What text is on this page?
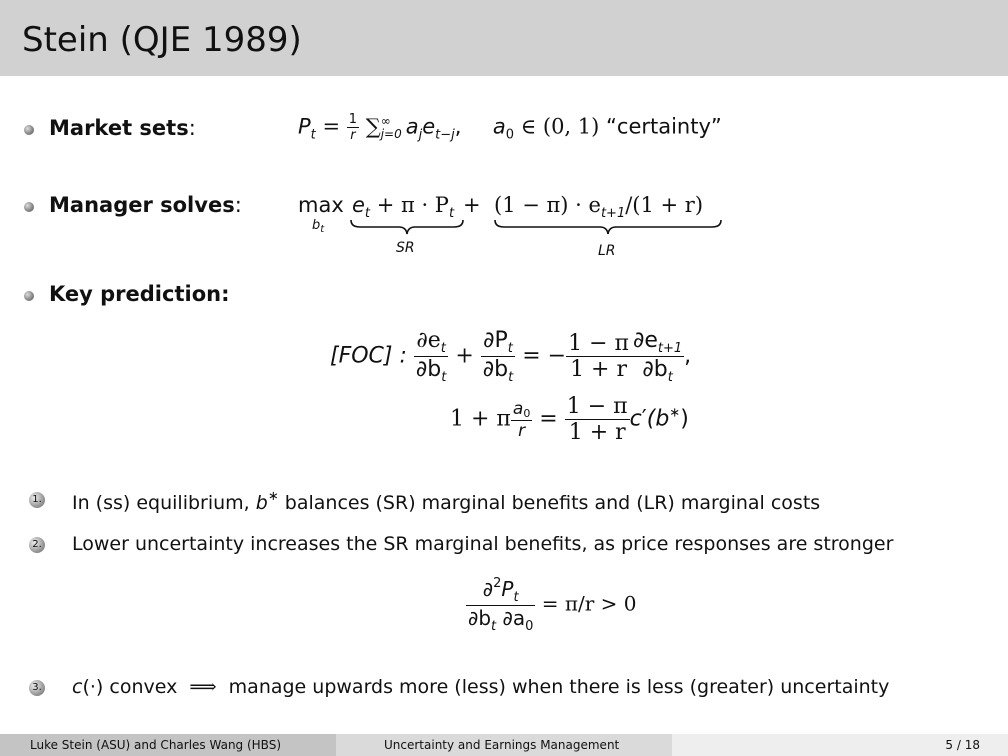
Stein (QJE 1989)
Market sets:	$P_t = \frac{1}{r}$ ∑ ∞
j=0 $a_je_{t-j}$, $a_0$ ∈ (0, 1) “certainty”
Manager solves:	max
$b_t$
$e_t + \pi \cdot P_t + (1 - \pi) \cdot e_{t+1}/(1 + r)$
SR	LR
Key prediction:
[FOC] : $\frac{\partial e_t}{\partial b_t} + \frac{\partial P_t}{\partial b_t}$ = − $\frac{1 - \pi}{1 + r} \frac{\partial e_{t+1}}{\partial b_t}$ ,
1 + π $\frac{a_0}{r} = \frac{1 - \pi}{1 + r} c'(b^∗)$
1. In (ss) equilibrium, b∗ balances (SR) marginal benefits and (LR) marginal costs
2. Lower uncertainty increases the SR marginal benefits, as price responses are stronger
$\frac{\partial^2P_t}{\partial b_t \partial a_0} = \pi/r > 0$
3. c(·) convex ⟹ manage upwards more (less) when there is less (greater) uncertainty
Luke Stein (ASU) and Charles Wang (HBS)	Uncertainty and Earnings Management	5 / 18
